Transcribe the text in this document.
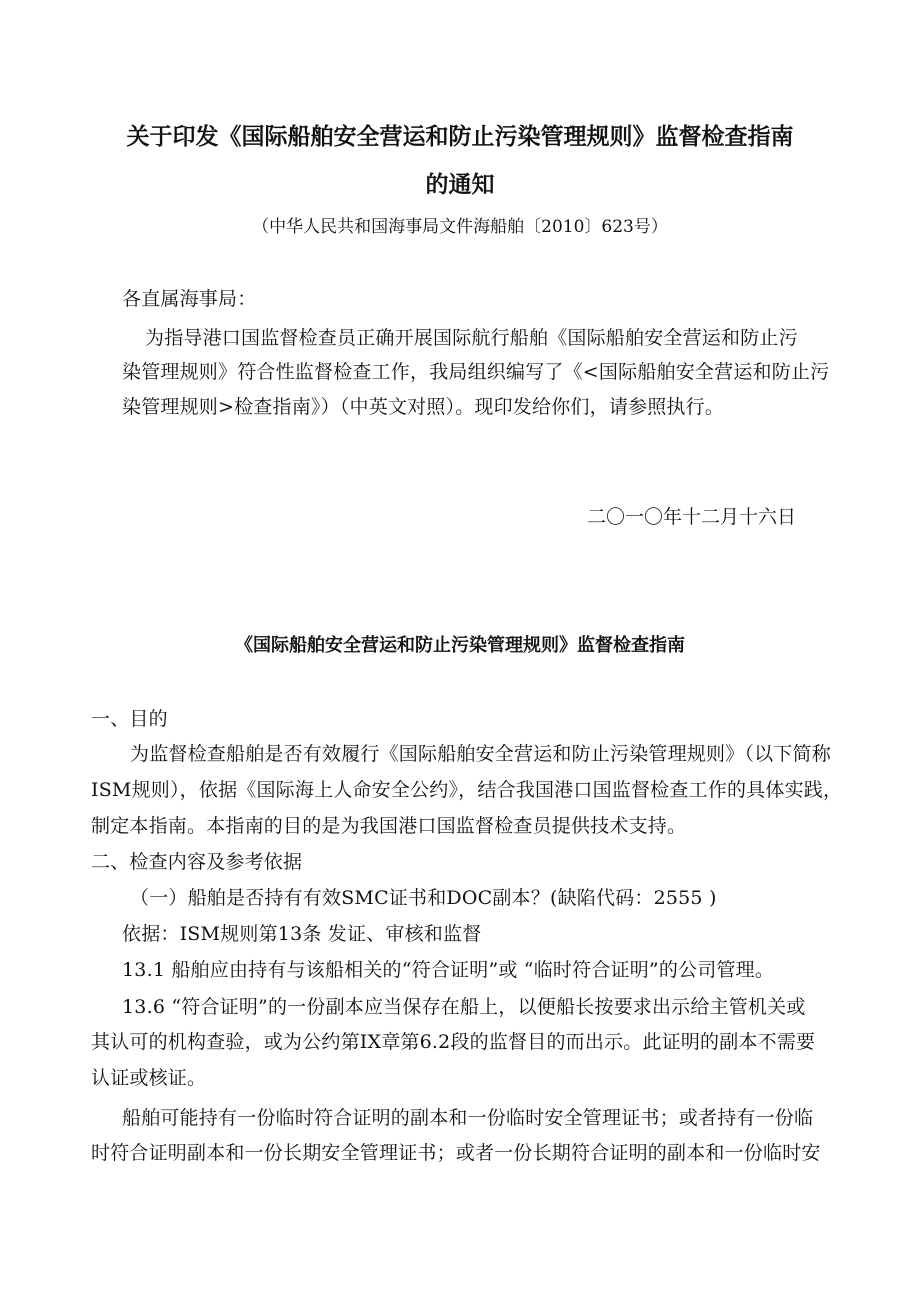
关于印发《国际船舶安全营运和防止污染管理规则》监督检查指南
的通知
（中华人民共和国海事局文件海船舶〔2010〕623号）
各直属海事局：
为指导港口国监督检查员正确开展国际航行船舶《国际船舶安全营运和防止污
染管理规则》符合性监督检查工作，我局组织编写了《<国际船舶安全营运和防止污
染管理规则>检查指南》）（中英文对照）。现印发给你们，请参照执行。
二〇一〇年十二月十六日
《国际船舶安全营运和防止污染管理规则》监督检查指南
一、目的
为监督检查船舶是否有效履行《国际船舶安全营运和防止污染管理规则》（以下简称
ISM规则），依据《国际海上人命安全公约》，结合我国港口国监督检查工作的具体实践，
制定本指南。本指南的目的是为我国港口国监督检查员提供技术支持。
二、检查内容及参考依据
（一）船舶是否持有有效SMC证书和DOC副本？(缺陷代码：2555 )
依据：ISM规则第13条 发证、审核和监督
13.1 船舶应由持有与该船相关的“符合证明”或 “临时符合证明”的公司管理。
13.6 “符合证明”的一份副本应当保存在船上，以便船长按要求出示给主管机关或
其认可的机构查验，或为公约第IX章第6.2段的监督目的而出示。此证明的副本不需要
认证或核证。
船舶可能持有一份临时符合证明的副本和一份临时安全管理证书；或者持有一份临
时符合证明副本和一份长期安全管理证书；或者一份长期符合证明的副本和一份临时安
